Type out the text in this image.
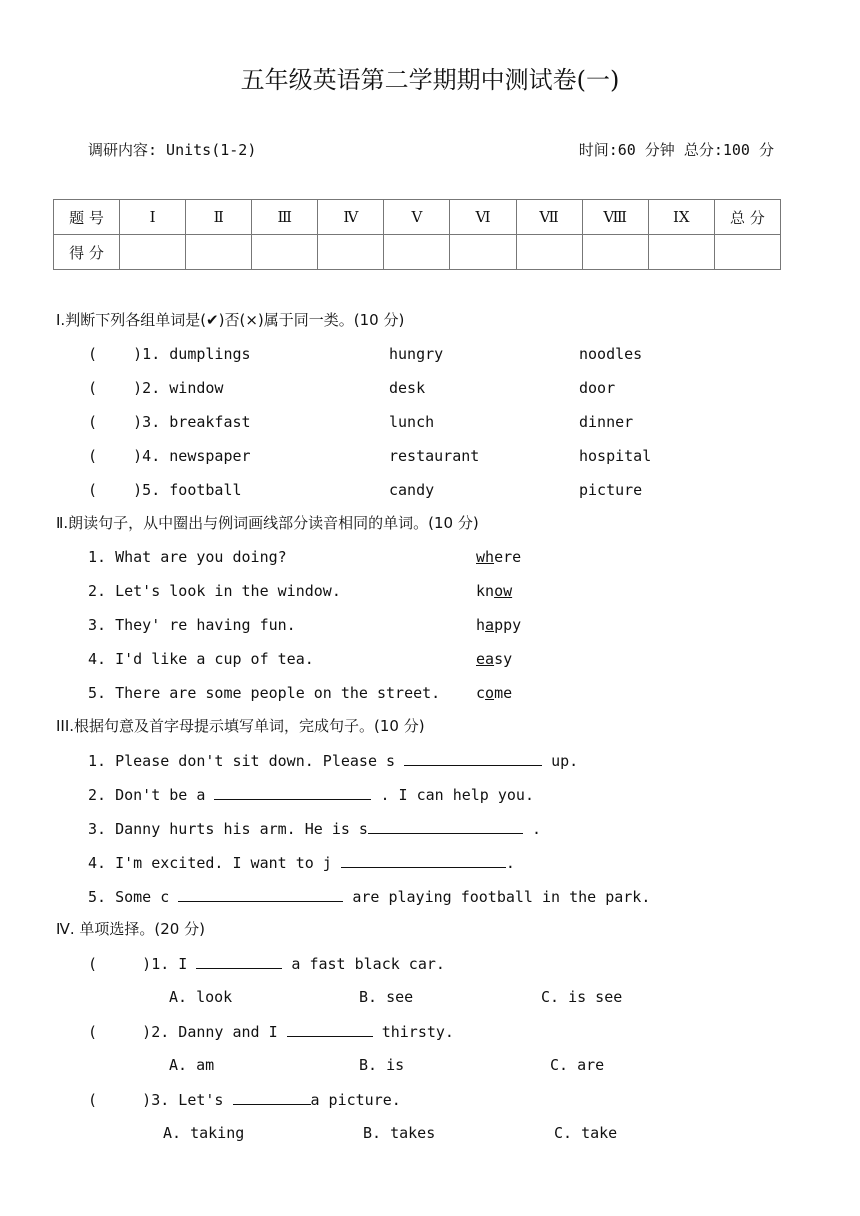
五年级英语第二学期期中测试卷(一)
调研内容: Units(1-2)	时间:60 分钟 总分:100 分
题 号	I	Ⅱ	Ⅲ	Ⅳ	Ⅴ	Ⅵ	Ⅶ	Ⅷ	ⅠX	总 分
得 分										
Ⅰ.判断下列各组单词是(✔)否(×)属于同一类。(10 分)
(    )1. dumplings	hungry	noodles
(    )2. window	desk	door
(    )3. breakfast	lunch	dinner
(    )4. newspaper	restaurant	hospital
(    )5. football	candy	picture
Ⅱ.朗读句子，从中圈出与例词画线部分读音相同的单词。(10 分)
1. What are you doing?	where
2. Let's look in the window.	know
3. They' re having fun.	happy
4. I'd like a cup of tea.	easy
5. There are some people on the street. come
III.根据句意及首字母提示填写单词，完成句子。(10 分)
1. Please don't sit down. Please s	up.
2. Don't be a	. I can help you.
3. Danny hurts his arm. He is s	.
4. I'm excited. I want to j	.
5. Some c	are playing football in the park.
Ⅳ. 单项选择。(20 分)
(     )1. I	a fast black car.
A. look	B. see	C. is see
(     )2. Danny and I	thirsty.
A. am	B. is	C. are
(     )3. Let's	a picture.
A. taking	B. takes	C. take
